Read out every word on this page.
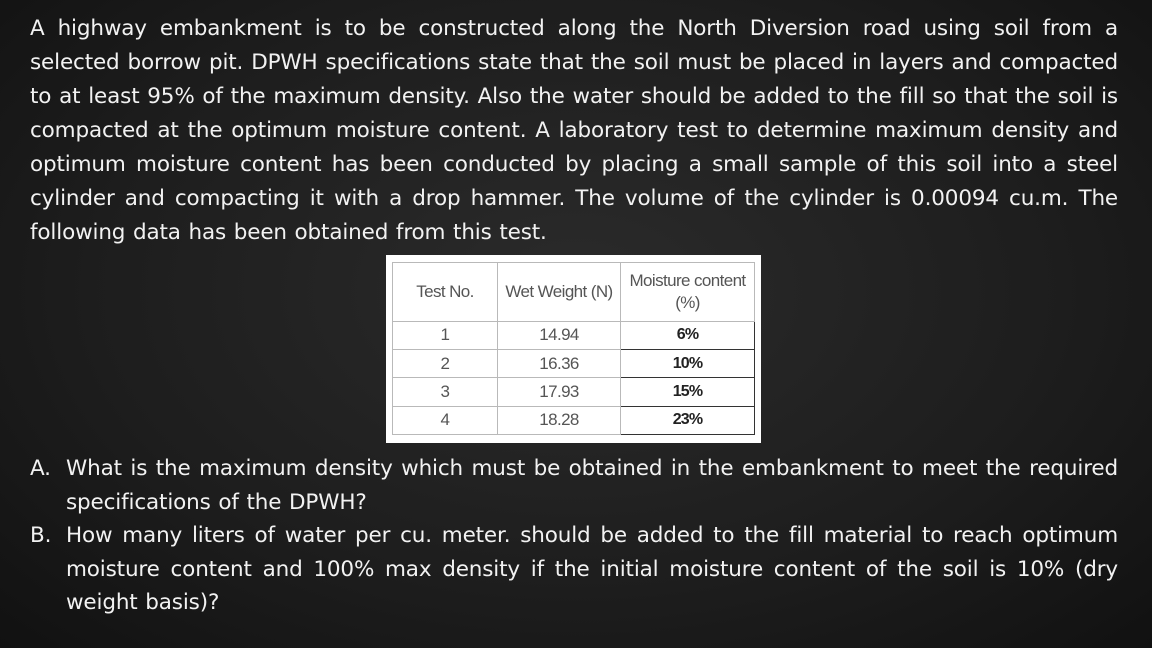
A highway embankment is to be constructed along the North Diversion road using soil from a selected borrow pit. DPWH specifications state that the soil must be placed in layers and compacted to at least 95% of the maximum density. Also the water should be added to the fill so that the soil is compacted at the optimum moisture content. A laboratory test to determine maximum density and optimum moisture content has been conducted by placing a small sample of this soil into a steel cylinder and compacting it with a drop hammer. The volume of the cylinder is 0.00094 cu.m. The following data has been obtained from this test.

Test No.	Wet Weight (N)	Moisture content (%)
1	14.94	6%
2	16.36	10%
3	17.93	15%
4	18.28	23%
A. What is the maximum density which must be obtained in the embankment to meet the required specifications of the DPWH?
B. How many liters of water per cu. meter. should be added to the fill material to reach optimum moisture content and 100% max density if the initial moisture content of the soil is 10% (dry weight basis)?
